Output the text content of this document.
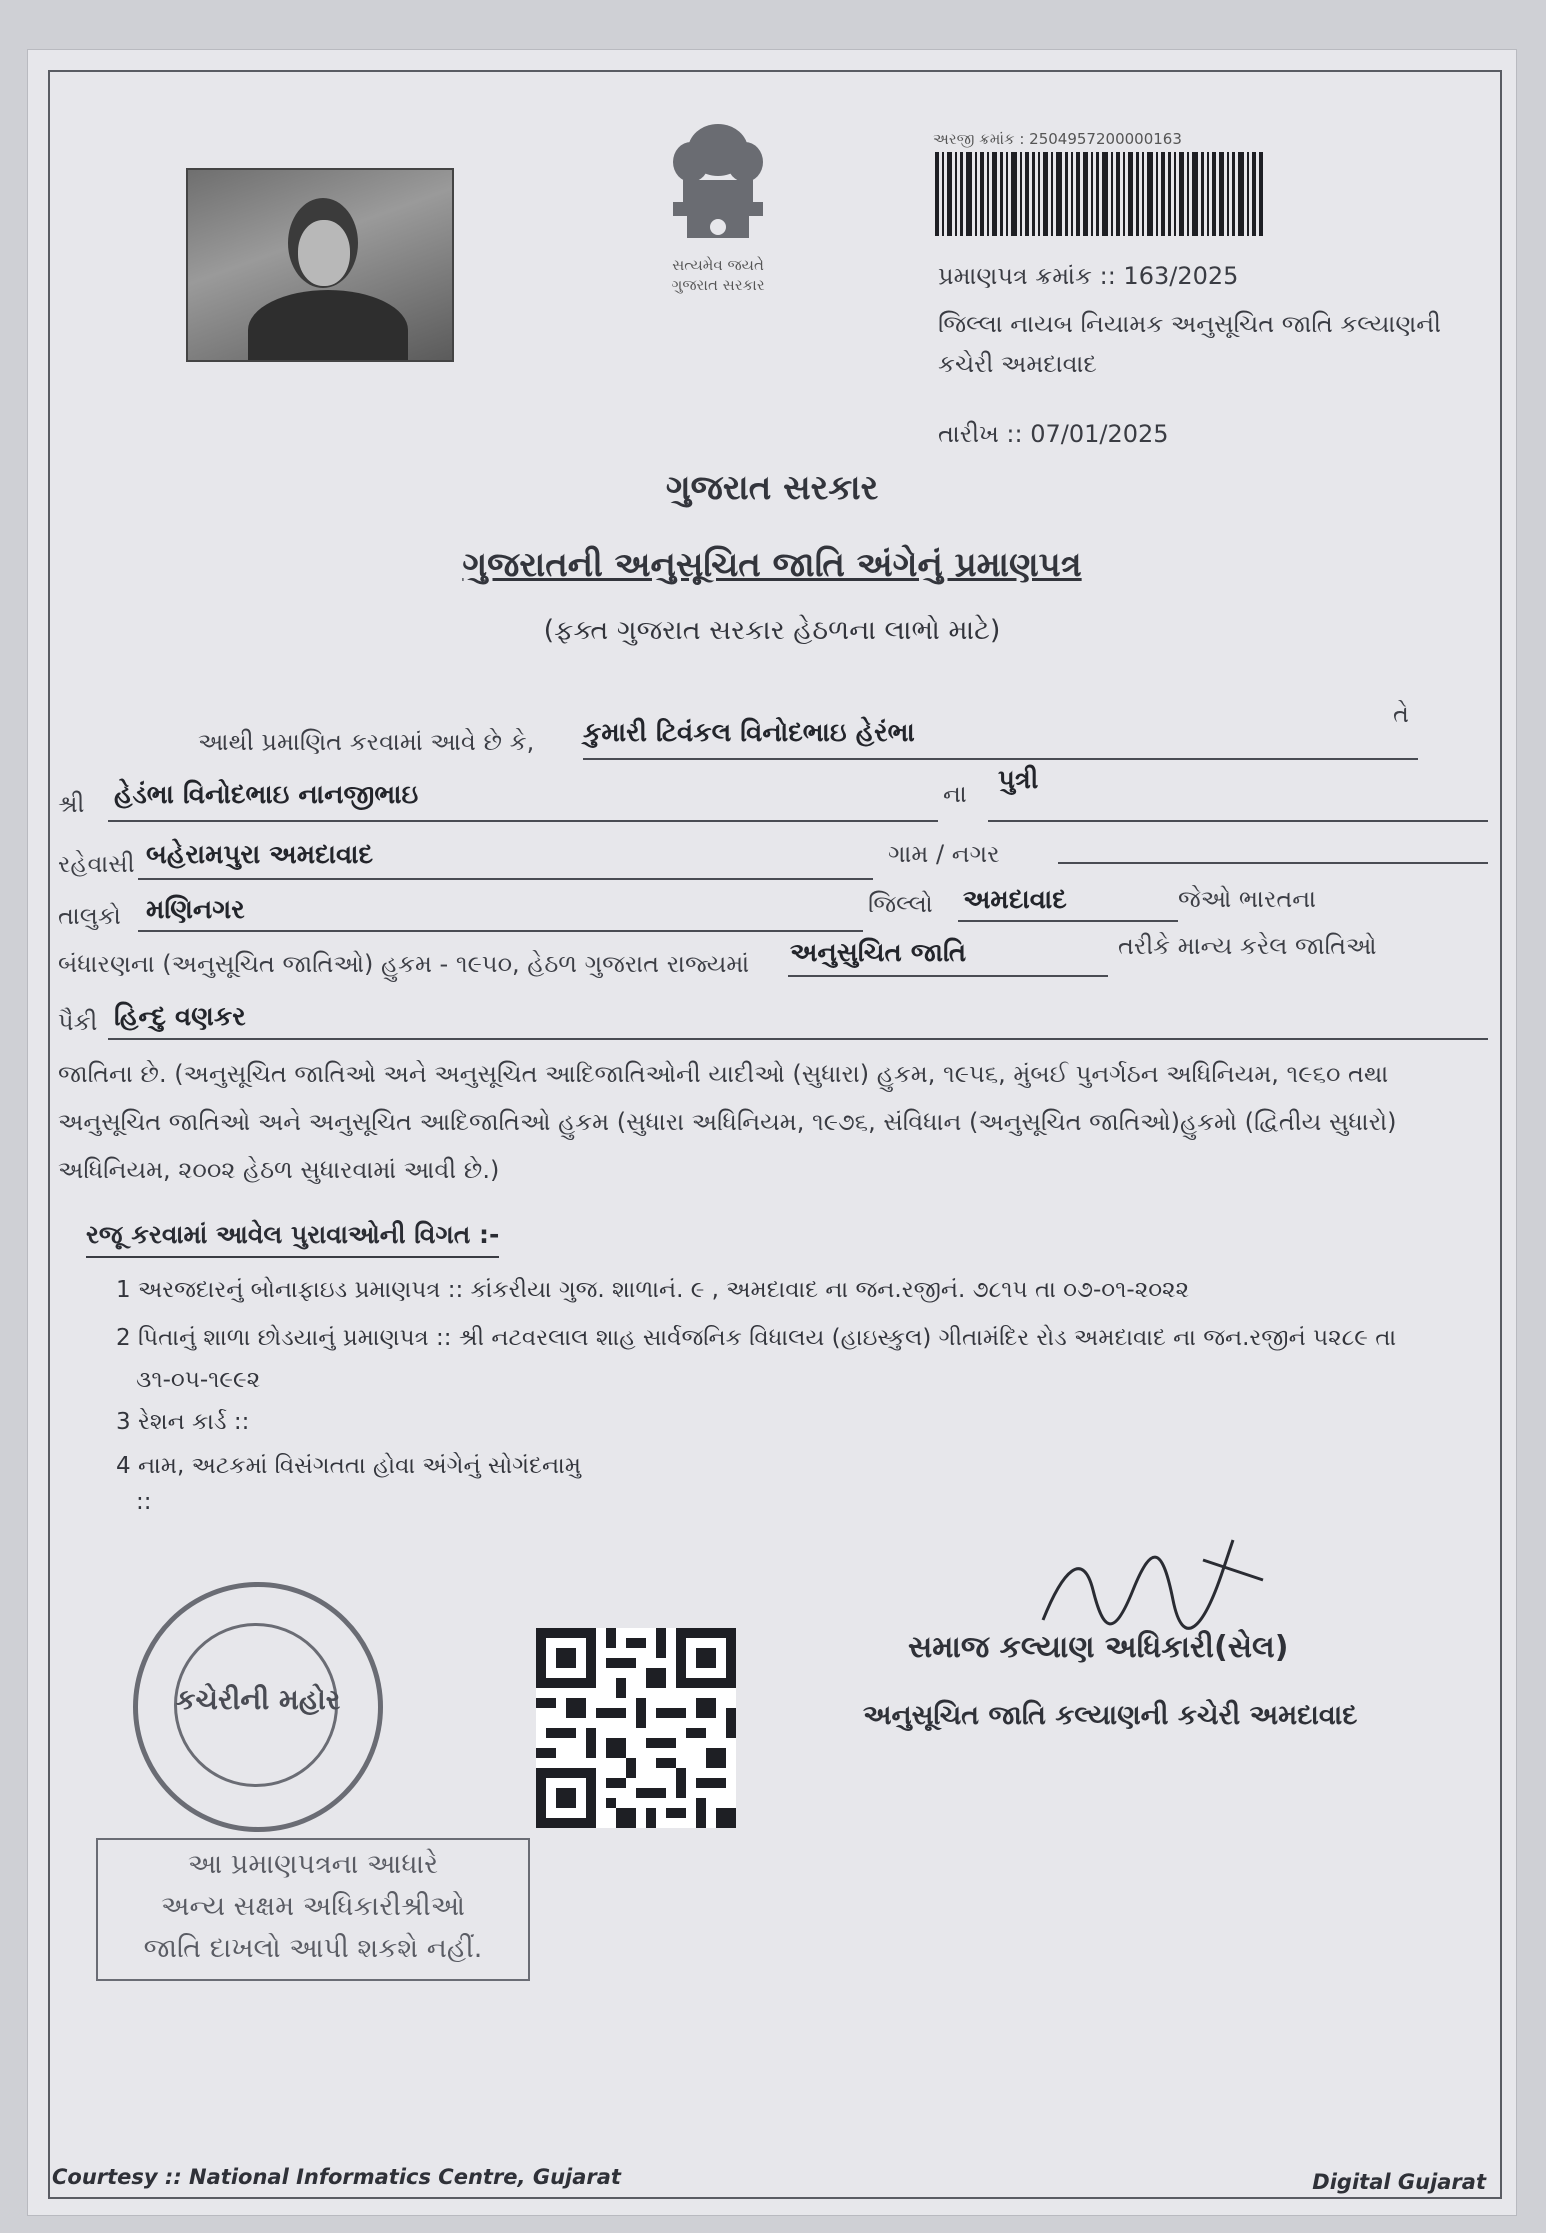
સત્યમેવ જયતે
ગુજરાત સરકાર
અરજી ક્રમાંક : 2504957200000163
પ્રમાણપત્ર ક્રમાંક :: 163/2025
જિલ્લા નાયબ નિયામક અનુસૂચિત જાતિ કલ્યાણની
કચેરી અમદાવાદ
તારીખ :: 07/01/2025
ગુજરાત સરકાર
ગુજરાતની અનુસૂચિત જાતિ અંગેનું પ્રમાણપત્ર
(ફક્ત ગુજરાત સરકાર હેઠળના લાભો માટે)
આથી પ્રમાણિત કરવામાં આવે છે કે, કુમારી ટિવંકલ વિનોદભાઇ હેરંભા
તે
શ્રી હેડંભા વિનોદભાઇ નાનજીભાઇ	ના પુત્રી
રહેવાસી બહેરામપુરા અમદાવાદ	ગામ / નગર
તાલુકો મણિનગર	જિલ્લો અમદાવાદ	જેઓ ભારતના
બંધારણના (અનુસૂચિત જાતિઓ) હુકમ - ૧૯૫૦, હેઠળ ગુજરાત રાજ્યમાં અનુસુચિત જાતિ	તરીકે માન્ય કરેલ જાતિઓ
પૈકી હિન્દુ વણકર
જાતિના છે. (અનુસૂચિત જાતિઓ અને અનુસૂચિત આદિજાતિઓની યાદીઓ (સુધારા) હુકમ, ૧૯૫૬, મુંબઈ પુનર્ગઠન અધિનિયમ, ૧૯૬૦ તથા
અનુસૂચિત જાતિઓ અને અનુસૂચિત આદિજાતિઓ હુકમ (સુધારા અધિનિયમ, ૧૯૭૬, સંવિધાન (અનુસૂચિત જાતિઓ)હુકમો (દ્વિતીય સુધારો)
અધિનિયમ, ૨૦૦૨ હેઠળ સુધારવામાં આવી છે.)
રજૂ કરવામાં આવેલ પુરાવાઓની વિગત :-
1 અરજદારનું બોનાફાઇડ પ્રમાણપત્ર :: કાંકરીયા ગુજ. શાળાનં. ૯ , અમદાવાદ ના જન.રજીનં. ૭૮૧૫ તા ૦૭-૦૧-૨૦૨૨
2 પિતાનું શાળા છોડયાનું પ્રમાણપત્ર :: શ્રી નટવરલાલ શાહ સાર્વજનિક વિધાલય (હાઇસ્કુલ) ગીતામંદિર રોડ અમદાવાદ ના જન.રજીનં ૫૨૮૯ તા
૩૧-૦૫-૧૯૯૨
3 રેશન કાર્ડ ::
4 નામ, અટકમાં વિસંગતતા હોવા અંગેનું સોગંદનામુ
::
કચેરીની મહોર
આ પ્રમાણપત્રના આધારે
અન્ય સક્ષમ અધિકારીશ્રીઓ
જાતિ દાખલો આપી શકશે નહીં.
સમાજ કલ્યાણ અધિકારી(સેલ)
અનુસૂચિત જાતિ કલ્યાણની કચેરી અમદાવાદ
Courtesy :: National Informatics Centre, Gujarat	Digital Gujarat
